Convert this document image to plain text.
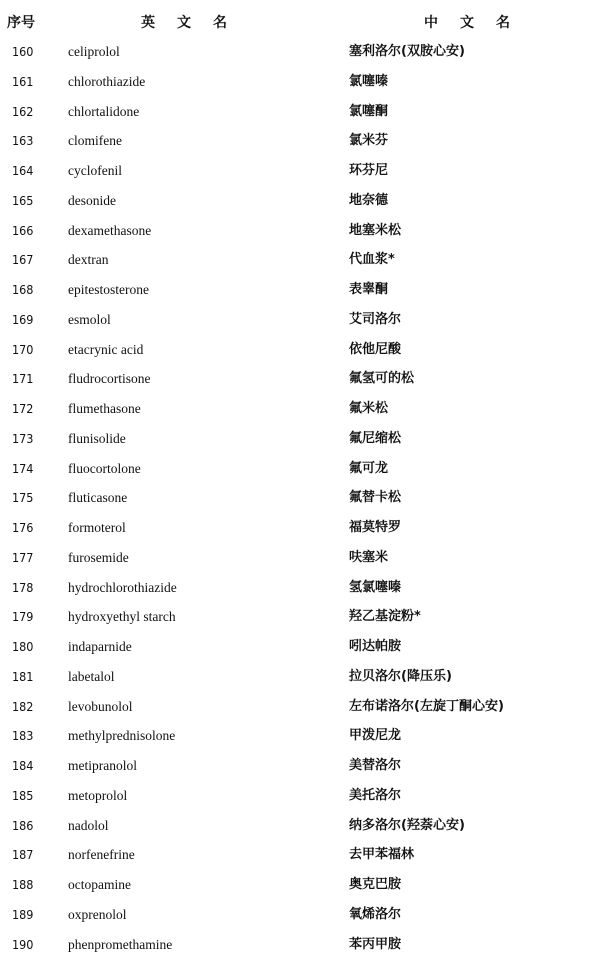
序号	英文名	中文名
160	celiprolol	塞利洛尔(双胺心安)
161	chlorothiazide	氯噻嗪
162	chlortalidone	氯噻酮
163	clomifene	氯米芬
164	cyclofenil	环芬尼
165	desonide	地奈德
166	dexamethasone	地塞米松
167	dextran	代血浆*
168	epitestosterone	表睾酮
169	esmolol	艾司洛尔
170	etacrynic acid	依他尼酸
171	fludrocortisone	氟氢可的松
172	flumethasone	氟米松
173	flunisolide	氟尼缩松
174	fluocortolone	氟可龙
175	fluticasone	氟替卡松
176	formoterol	福莫特罗
177	furosemide	呋塞米
178	hydrochlorothiazide	氢氯噻嗪
179	hydroxyethyl starch	羟乙基淀粉*
180	indaparnide	吲达帕胺
181	labetalol	拉贝洛尔(降压乐)
182	levobunolol	左布诺洛尔(左旋丁酮心安)
183	methylprednisolone	甲泼尼龙
184	metipranolol	美替洛尔
185	metoprolol	美托洛尔
186	nadolol	纳多洛尔(羟萘心安)
187	norfenefrine	去甲苯福林
188	octopamine	奥克巴胺
189	oxprenolol	氧烯洛尔
190	phenpromethamine	苯丙甲胺
